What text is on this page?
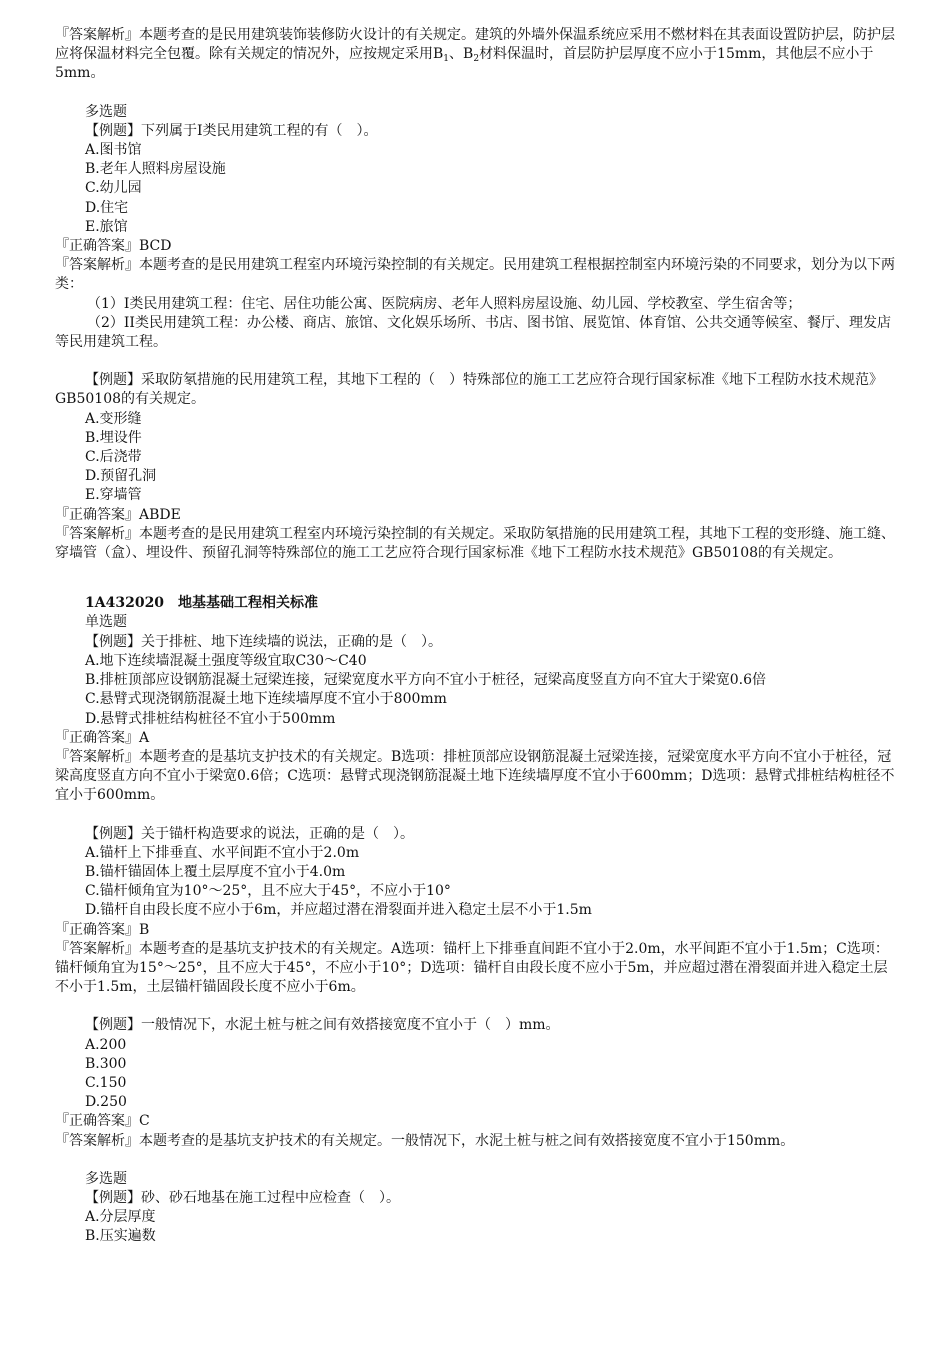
『答案解析』本题考查的是民用建筑装饰装修防火设计的有关规定。建筑的外墙外保温系统应采用不燃材料在其表面设置防护层，防护层应将保温材料完全包覆。除有关规定的情况外，应按规定采用$B_1$、$B_2$材料保温时，首层防护层厚度不应小于15mm，其他层不应小于5mm。

多选题

【例题】下列属于I类民用建筑工程的有（　）。

A.图书馆

B.老年人照料房屋设施

C.幼儿园

D.住宅

E.旅馆

『正确答案』BCD

『答案解析』本题考查的是民用建筑工程室内环境污染控制的有关规定。民用建筑工程根据控制室内环境污染的不同要求，划分为以下两类：

（1）I类民用建筑工程：住宅、居住功能公寓、医院病房、老年人照料房屋设施、幼儿园、学校教室、学生宿舍等；

（2）II类民用建筑工程：办公楼、商店、旅馆、文化娱乐场所、书店、图书馆、展览馆、体育馆、公共交通等候室、餐厅、理发店等民用建筑工程。

【例题】采取防氡措施的民用建筑工程，其地下工程的（　）特殊部位的施工工艺应符合现行国家标准《地下工程防水技术规范》GB50108的有关规定。

A.变形缝

B.埋设件

C.后浇带

D.预留孔洞

E.穿墙管

『正确答案』ABDE

『答案解析』本题考查的是民用建筑工程室内环境污染控制的有关规定。采取防氡措施的民用建筑工程，其地下工程的变形缝、施工缝、穿墙管（盒）、埋设件、预留孔洞等特殊部位的施工工艺应符合现行国家标准《地下工程防水技术规范》GB50108的有关规定。

1A432020　地基基础工程相关标准

单选题

【例题】关于排桩、地下连续墙的说法，正确的是（　）。

A.地下连续墙混凝土强度等级宜取C30～C40

B.排桩顶部应设钢筋混凝土冠梁连接，冠梁宽度水平方向不宜小于桩径，冠梁高度竖直方向不宜大于梁宽0.6倍

C.悬臂式现浇钢筋混凝土地下连续墙厚度不宜小于800mm

D.悬臂式排桩结构桩径不宜小于500mm

『正确答案』A

『答案解析』本题考查的是基坑支护技术的有关规定。B选项：排桩顶部应设钢筋混凝土冠梁连接，冠梁宽度水平方向不宜小于桩径，冠梁高度竖直方向不宜小于梁宽0.6倍；C选项：悬臂式现浇钢筋混凝土地下连续墙厚度不宜小于600mm；D选项：悬臂式排桩结构桩径不宜小于600mm。

【例题】关于锚杆构造要求的说法，正确的是（　）。

A.锚杆上下排垂直、水平间距不宜小于2.0m

B.锚杆锚固体上覆土层厚度不宜小于4.0m

C.锚杆倾角宜为10°～25°，且不应大于45°，不应小于10°

D.锚杆自由段长度不应小于6m，并应超过潜在滑裂面并进入稳定土层不小于1.5m

『正确答案』B

『答案解析』本题考查的是基坑支护技术的有关规定。A选项：锚杆上下排垂直间距不宜小于2.0m，水平间距不宜小于1.5m；C选项：锚杆倾角宜为15°～25°，且不应大于45°，不应小于10°；D选项：锚杆自由段长度不应小于5m，并应超过潜在滑裂面并进入稳定土层不小于1.5m，土层锚杆锚固段长度不应小于6m。

【例题】一般情况下，水泥土桩与桩之间有效搭接宽度不宜小于（　）mm。

A.200

B.300

C.150

D.250

『正确答案』C

『答案解析』本题考查的是基坑支护技术的有关规定。一般情况下，水泥土桩与桩之间有效搭接宽度不宜小于150mm。

多选题

【例题】砂、砂石地基在施工过程中应检查（　）。

A.分层厚度

B.压实遍数
